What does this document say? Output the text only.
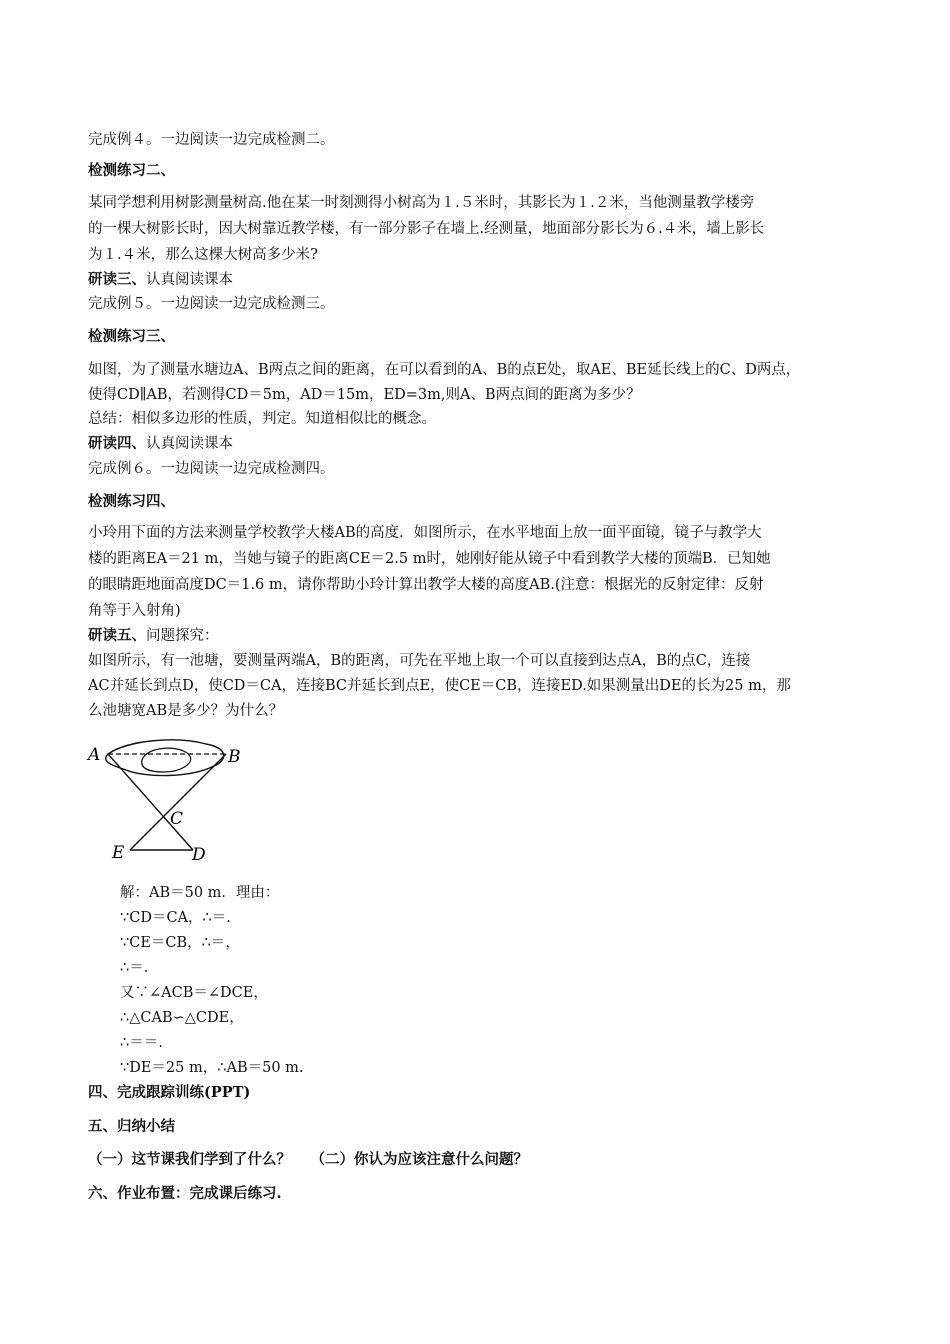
完成例４。一边阅读一边完成检测二。

检测练习二、

某同学想利用树影测量树高.他在某一时刻测得小树高为１.５米时，其影长为１.２米，当他测量教学楼旁

的一棵大树影长时，因大树靠近教学楼，有一部分影子在墙上.经测量，地面部分影长为６.４米，墙上影长

为１.４米，那么这棵大树高多少米?

研读三、认真阅读课本

完成例５。一边阅读一边完成检测三。

检测练习三、

如图，为了测量水塘边A、B两点之间的距离，在可以看到的A、B的点E处，取AE、BE延长线上的C、D两点，

使得CD∥AB，若测得CD＝5m，AD＝15m，ED=3m,则A、B两点间的距离为多少？

总结：相似多边形的性质，判定。知道相似比的概念。

研读四、认真阅读课本

完成例６。一边阅读一边完成检测四。

检测练习四、

小玲用下面的方法来测量学校教学大楼AB的高度．如图所示，在水平地面上放一面平面镜，镜子与教学大

楼的距离EA＝21 m，当她与镜子的距离CE＝2.5 m时，她刚好能从镜子中看到教学大楼的顶端B．已知她

的眼睛距地面高度DC＝1.6 m，请你帮助小玲计算出教学大楼的高度AB.(注意：根据光的反射定律：反射

角等于入射角)

研读五、问题探究：

如图所示，有一池塘，要测量两端A，B的距离，可先在平地上取一个可以直接到达点A，B的点C，连接

AC并延长到点D，使CD＝CA，连接BC并延长到点E，使CE＝CB，连接ED.如果测量出DE的长为25 m，那

么池塘宽AB是多少？为什么？

A	B
C
E	D

解：AB＝50 m．理由：

∵CD＝CA，∴＝.

∵CE＝CB，∴＝，

∴＝.

又∵∠ACB＝∠DCE，

∴△CAB∽△CDE，

∴＝＝.

∵DE＝25 m，∴AB＝50 m.

四、完成跟踪训练(PPT)

五、归纳小结

（一）这节课我们学到了什么？　 （二）你认为应该注意什么问题？

六、作业布置：完成课后练习.
